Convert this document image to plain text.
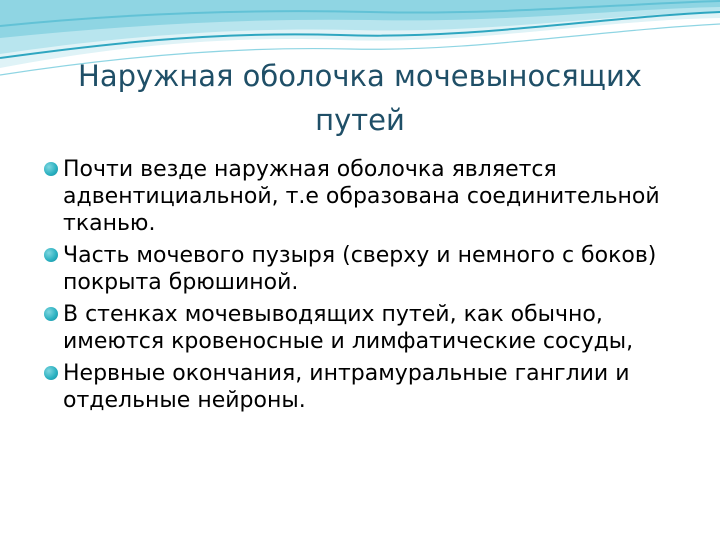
Наружная оболочка мочевыносящих путей
Почти везде наружная оболочка является адвентициальной, т.е образована соединительной тканью.
Часть мочевого пузыря (сверху и немного с боков) покрыта брюшиной.
В стенках мочевыводящих путей, как обычно, имеются кровеносные и лимфатические сосуды,
Нервные окончания, интрамуральные ганглии и отдельные нейроны.
